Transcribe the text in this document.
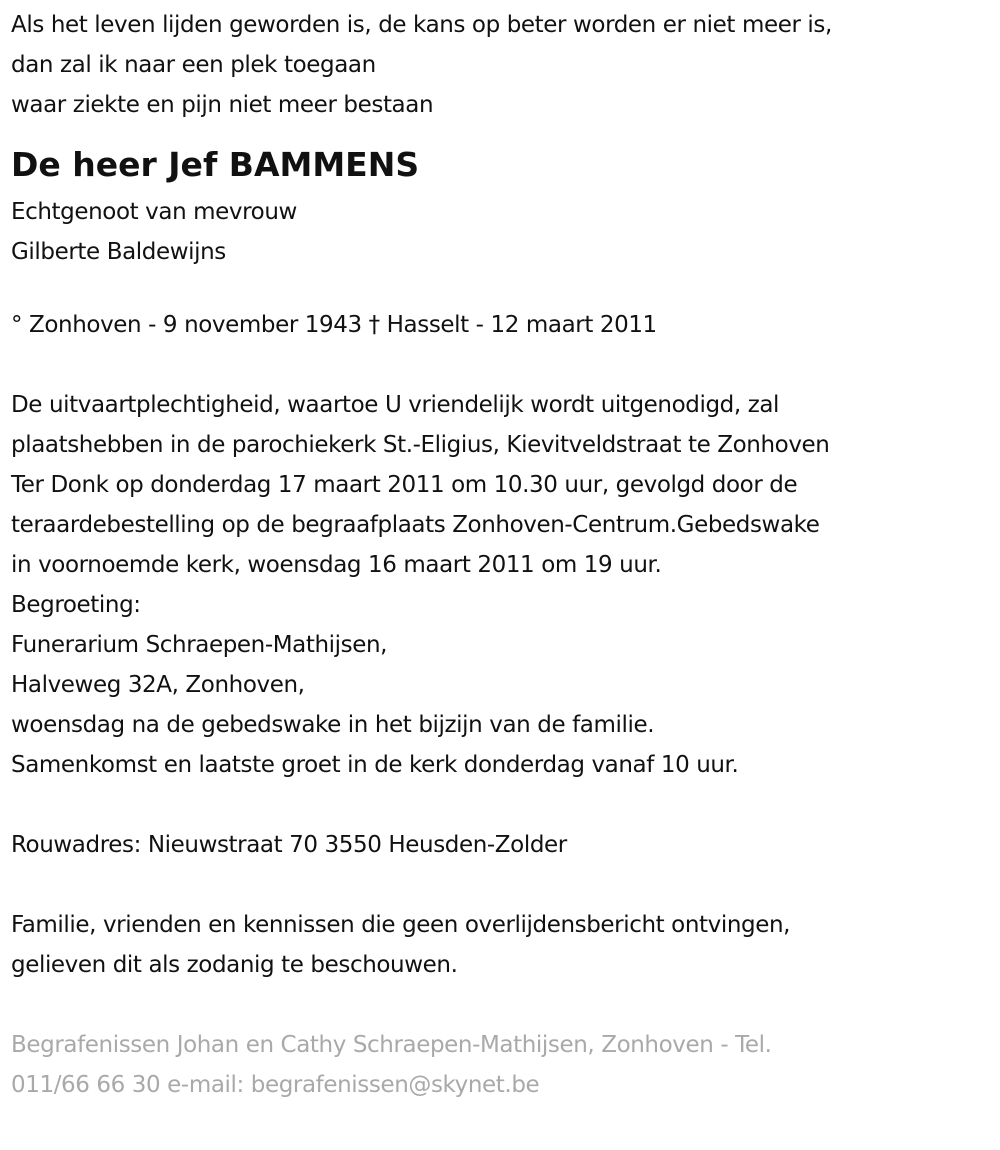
Als het leven lijden geworden is, de kans op beter worden er niet meer is,
dan zal ik naar een plek toegaan
waar ziekte en pijn niet meer bestaan
De heer Jef BAMMENS
Echtgenoot van mevrouw
Gilberte Baldewijns
° Zonhoven - 9 november 1943 † Hasselt - 12 maart 2011
De uitvaartplechtigheid, waartoe U vriendelijk wordt uitgenodigd, zal
plaatshebben in de parochiekerk St.-Eligius, Kievitveldstraat te Zonhoven
Ter Donk op donderdag 17 maart 2011 om 10.30 uur, gevolgd door de
teraardebestelling op de begraafplaats Zonhoven-Centrum.Gebedswake
in voornoemde kerk, woensdag 16 maart 2011 om 19 uur.
Begroeting:
Funerarium Schraepen-Mathijsen,
Halveweg 32A, Zonhoven,
woensdag na de gebedswake in het bijzijn van de familie.
Samenkomst en laatste groet in de kerk donderdag vanaf 10 uur.
Rouwadres: Nieuwstraat 70 3550 Heusden-Zolder
Familie, vrienden en kennissen die geen overlijdensbericht ontvingen,
gelieven dit als zodanig te beschouwen.
Begrafenissen Johan en Cathy Schraepen-Mathijsen, Zonhoven - Tel.
011/66 66 30 e-mail: begrafenissen@skynet.be
